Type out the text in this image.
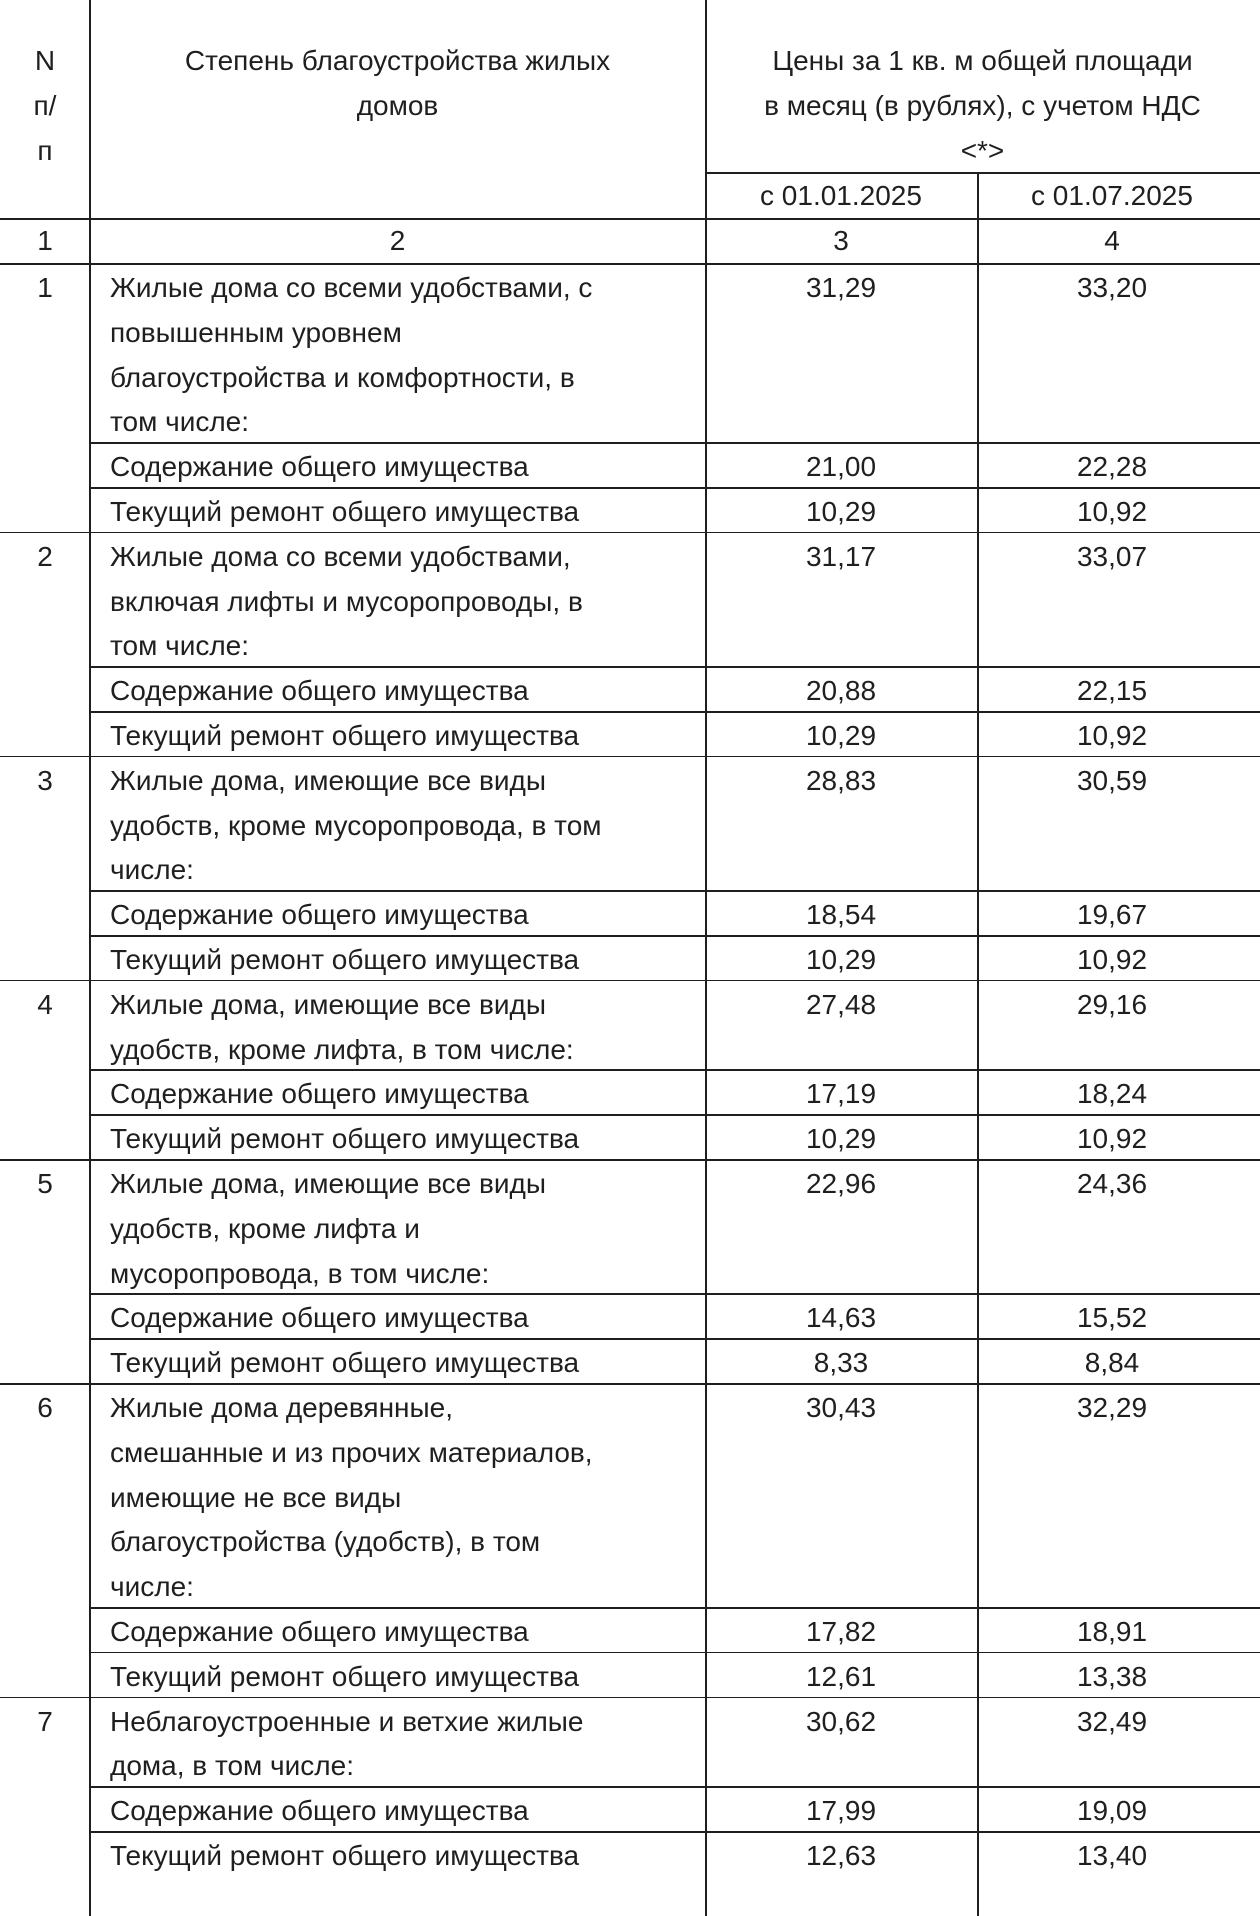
N
п/
п
Степень благоустройства жилых
домов
Цены за 1 кв. м общей площади
в месяц (в рублях), с учетом НДС
<*>
с 01.01.2025	с 01.07.2025
1	2	3	4
1	Жилые дома со всеми удобствами, с
повышенным уровнем
благоустройства и комфортности, в
том числе:
31,29	33,20
Содержание общего имущества	21,00	22,28
Текущий ремонт общего имущества	10,29	10,92
2	Жилые дома со всеми удобствами,
включая лифты и мусоропроводы, в
том числе:
31,17	33,07
Содержание общего имущества	20,88	22,15
Текущий ремонт общего имущества	10,29	10,92
3	Жилые дома, имеющие все виды
удобств, кроме мусоропровода, в том
числе:
28,83	30,59
Содержание общего имущества	18,54	19,67
Текущий ремонт общего имущества	10,29	10,92
4	Жилые дома, имеющие все виды
удобств, кроме лифта, в том числе:
27,48	29,16
Содержание общего имущества	17,19	18,24
Текущий ремонт общего имущества	10,29	10,92
5	Жилые дома, имеющие все виды
удобств, кроме лифта и
мусоропровода, в том числе:
22,96	24,36
Содержание общего имущества	14,63	15,52
Текущий ремонт общего имущества	8,33	8,84
6	Жилые дома деревянные,
смешанные и из прочих материалов,
имеющие не все виды
благоустройства (удобств), в том
числе:
30,43	32,29
Содержание общего имущества	17,82	18,91
Текущий ремонт общего имущества	12,61	13,38
7	Неблагоустроенные и ветхие жилые
дома, в том числе:
30,62	32,49
Содержание общего имущества	17,99	19,09
Текущий ремонт общего имущества	12,63	13,40
